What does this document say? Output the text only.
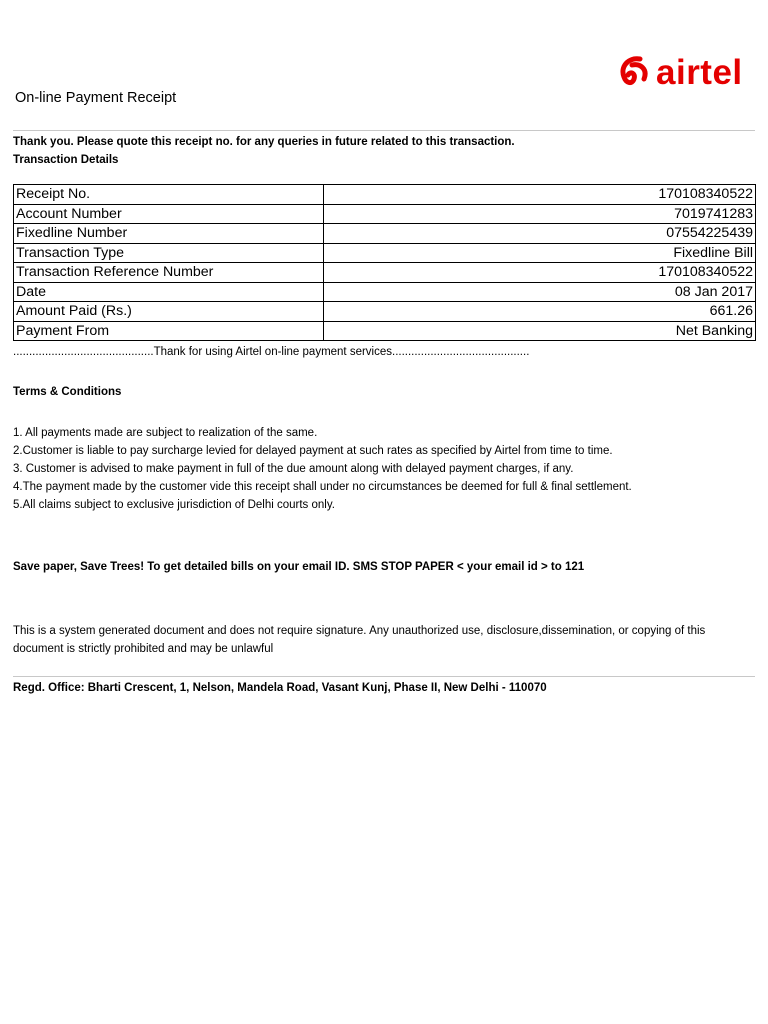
airtel
On-line Payment Receipt
Thank you. Please quote this receipt no. for any queries in future related to this transaction.
Transaction Details
Receipt No.	170108340522
Account Number	7019741283
Fixedline Number	07554225439
Transaction Type	Fixedline Bill
Transaction Reference Number	170108340522
Date	08 Jan 2017
Amount Paid (Rs.)	661.26
Payment From	Net Banking
............................................Thank for using Airtel on-line payment services...........................................
Terms & Conditions
1. All payments made are subject to realization of the same.
2.Customer is liable to pay surcharge levied for delayed payment at such rates as specified by Airtel from time to time.
3. Customer is advised to make payment in full of the due amount along with delayed payment charges, if any.
4.The payment made by the customer vide this receipt shall under no circumstances be deemed for full & final settlement.
5.All claims subject to exclusive jurisdiction of Delhi courts only.
Save paper, Save Trees! To get detailed bills on your email ID. SMS STOP PAPER < your email id > to 121
This is a system generated document and does not require signature. Any unauthorized use, disclosure,dissemination, or copying of this document is strictly prohibited and may be unlawful
Regd. Office: Bharti Crescent, 1, Nelson, Mandela Road, Vasant Kunj, Phase II, New Delhi - 110070
